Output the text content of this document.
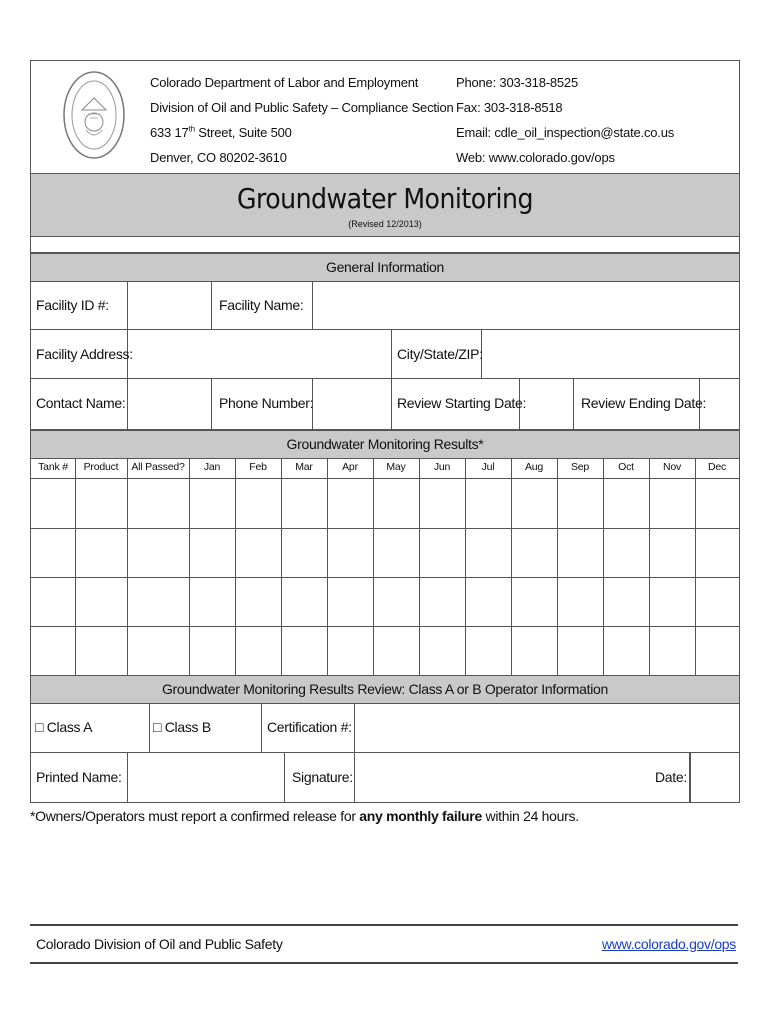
Colorado Department of Labor and Employment
Division of Oil and Public Safety – Compliance Section
633 17th Street, Suite 500
Denver, CO 80202-3610
Phone: 303-318-8525
Fax: 303-318-8518
Email: cdle_oil_inspection@state.co.us
Web: www.colorado.gov/ops
Groundwater Monitoring
(Revised 12/2013)
General Information
Facility ID #:	Facility Name:
Facility Address:	City/State/ZIP:
Contact Name:	Phone Number:	Review Starting Date:	Review Ending Date:
Groundwater Monitoring Results*
Tank #	Product	All Passed?	Jan	Feb	Mar	Apr	May	Jun	Jul	Aug	Sep	Oct	Nov	Dec
Groundwater Monitoring Results Review: Class A or B Operator Information
□ Class A	□ Class B	Certification #:
Printed Name:	Signature:	Date:
*Owners/Operators must report a confirmed release for any monthly failure within 24 hours.
Colorado Division of Oil and Public Safety	www.colorado.gov/ops
